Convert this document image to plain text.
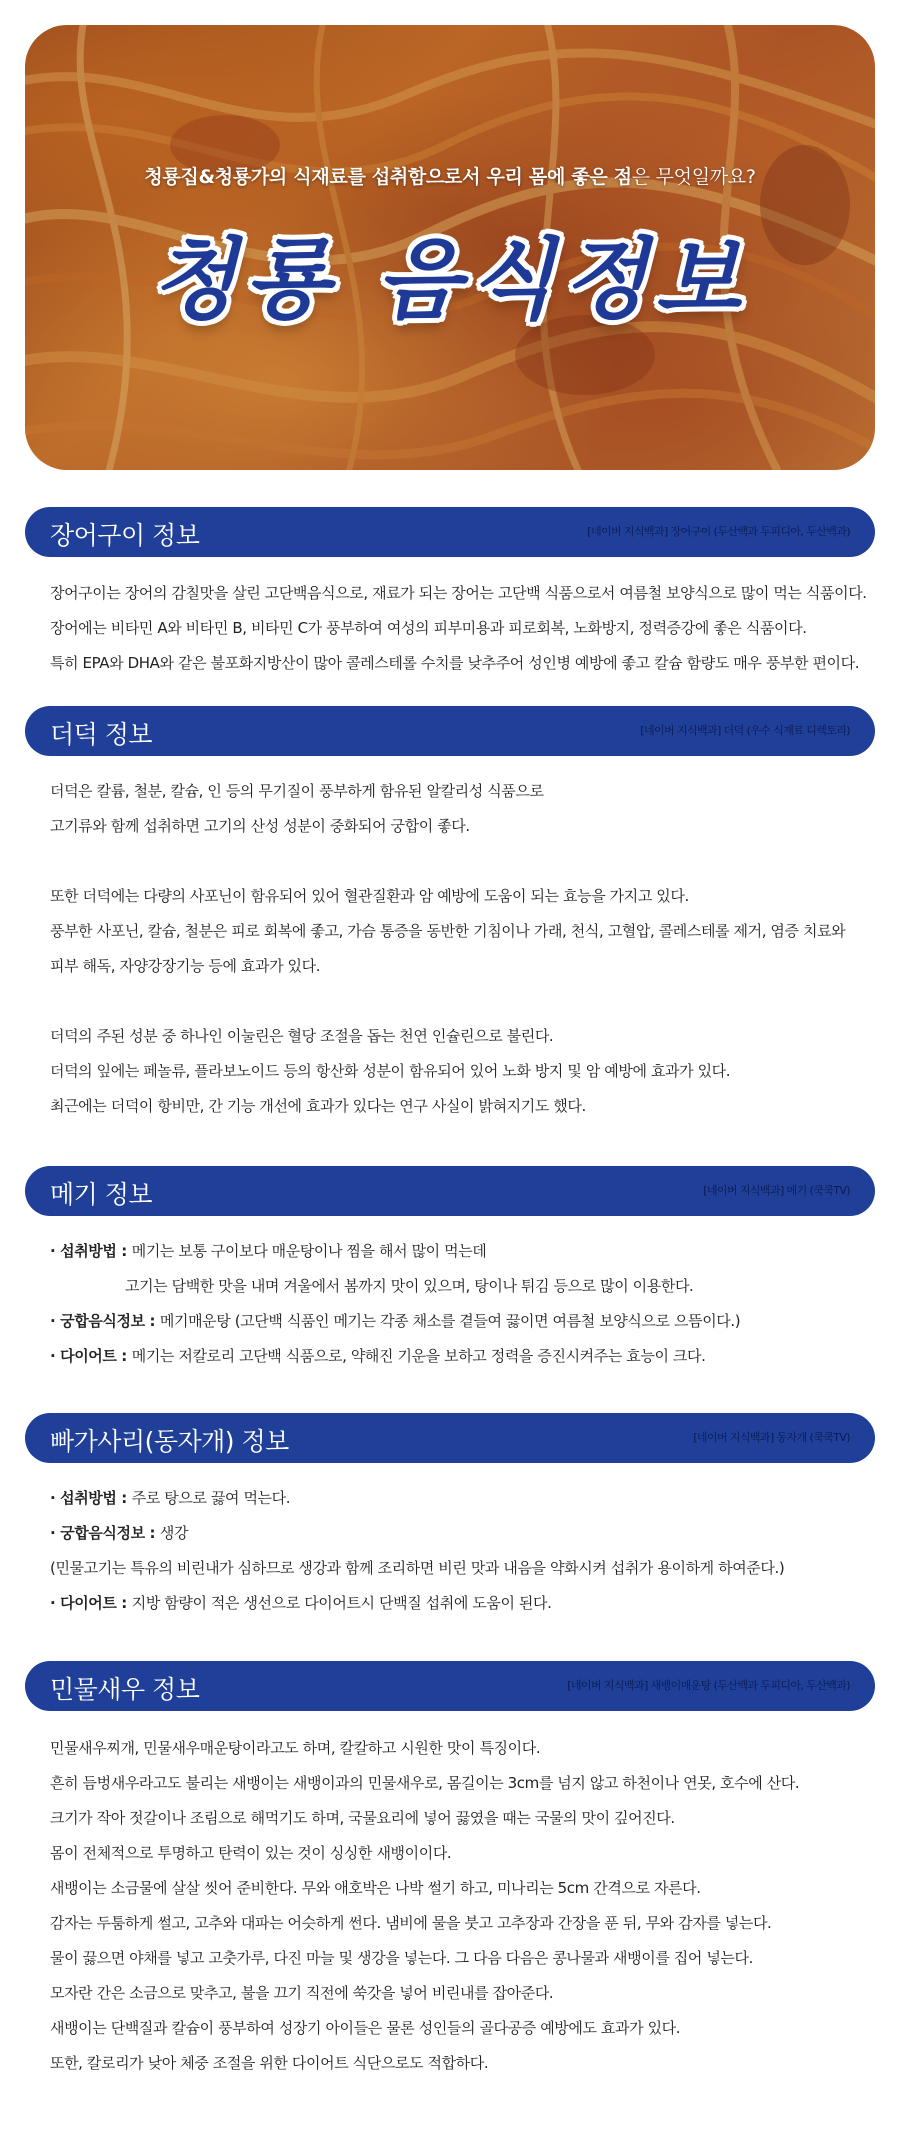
청룡집&청룡가의 식재료를 섭취함으로서 우리 몸에 좋은 점은 무엇일까요?
청룡 음식정보
장어구이 정보	[네이버 지식백과] 장어구이 (두산백과 두피디아, 두산백과)

장어구이는 장어의 감칠맛을 살린 고단백음식으로, 재료가 되는 장어는 고단백 식품으로서 여름철 보양식으로 많이 먹는 식품이다.

장어에는 비타민 A와 비타민 B, 비타민 C가 풍부하여 여성의 피부미용과 피로회복, 노화방지, 정력증강에 좋은 식품이다.

특히 EPA와 DHA와 같은 불포화지방산이 많아 콜레스테롤 수치를 낮추주어 성인병 예방에 좋고 칼슘 함량도 매우 풍부한 편이다.

더덕 정보	[네이버 지식백과] 더덕 (우수 식재료 디렉토리)

더덕은 칼륨, 철분, 칼슘, 인 등의 무기질이 풍부하게 함유된 알칼리성 식품으로

고기류와 함께 섭취하면 고기의 산성 성분이 중화되어 궁합이 좋다.

또한 더덕에는 다량의 사포닌이 함유되어 있어 혈관질환과 암 예방에 도움이 되는 효능을 가지고 있다.

풍부한 사포닌, 칼슘, 철분은 피로 회복에 좋고, 가슴 통증을 동반한 기침이나 가래, 천식, 고혈압, 콜레스테롤 제거, 염증 치료와

피부 해독, 자양강장기능 등에 효과가 있다.

더덕의 주된 성분 중 하나인 이눌린은 혈당 조절을 돕는 천연 인슐린으로 불린다.

더덕의 잎에는 페놀류, 플라보노이드 등의 항산화 성분이 함유되어 있어 노화 방지 및 암 예방에 효과가 있다.

최근에는 더덕이 항비만, 간 기능 개선에 효과가 있다는 연구 사실이 밝혀지기도 했다.

메기 정보	[네이버 지식백과] 메기 (쿡쿡TV)

· 섭취방법 : 메기는 보통 구이보다 매운탕이나 찜을 해서 많이 먹는데

고기는 담백한 맛을 내며 겨울에서 봄까지 맛이 있으며, 탕이나 튀김 등으로 많이 이용한다.

· 궁합음식정보 : 메기매운탕 (고단백 식품인 메기는 각종 채소를 곁들여 끓이면 여름철 보양식으로 으뜸이다.)

· 다이어트 : 메기는 저칼로리 고단백 식품으로, 약해진 기운을 보하고 정력을 증진시켜주는 효능이 크다.

빠가사리(동자개) 정보	[네이버 지식백과] 동자개 (쿡쿡TV)

· 섭취방법 : 주로 탕으로 끓여 먹는다.

· 궁합음식정보 : 생강

(민물고기는 특유의 비린내가 심하므로 생강과 함께 조리하면 비린 맛과 내음을 약화시켜 섭취가 용이하게 하여준다.)

· 다이어트 : 지방 함량이 적은 생선으로 다이어트시 단백질 섭취에 도움이 된다.

민물새우 정보	[네이버 지식백과] 새뱅이매운탕 (두산백과 두피디아, 두산백과)

민물새우찌개, 민물새우매운탕이라고도 하며, 칼칼하고 시원한 맛이 특징이다.

흔히 듬벙새우라고도 불리는 새뱅이는 새뱅이과의 민물새우로, 몸길이는 3cm를 넘지 않고 하천이나 연못, 호수에 산다.

크기가 작아 젓갈이나 조림으로 해먹기도 하며, 국물요리에 넣어 끓였을 때는 국물의 맛이 깊어진다.

몸이 전체적으로 투명하고 탄력이 있는 것이 싱싱한 새뱅이이다.

새뱅이는 소금물에 살살 씻어 준비한다. 무와 애호박은 나박 썰기 하고, 미나리는 5cm 간격으로 자른다.

감자는 두툼하게 썰고, 고추와 대파는 어슷하게 썬다. 냄비에 물을 붓고 고추장과 간장을 푼 뒤, 무와 감자를 넣는다.

물이 끓으면 야채를 넣고 고춧가루, 다진 마늘 및 생강을 넣는다. 그 다음 다음은 콩나물과 새뱅이를 집어 넣는다.

모자란 간은 소금으로 맞추고, 불을 끄기 직전에 쑥갓을 넣어 비린내를 잡아준다.

새뱅이는 단백질과 칼슘이 풍부하여 성장기 아이들은 물론 성인들의 골다공증 예방에도 효과가 있다.

또한, 칼로리가 낮아 체중 조절을 위한 다이어트 식단으로도 적합하다.
